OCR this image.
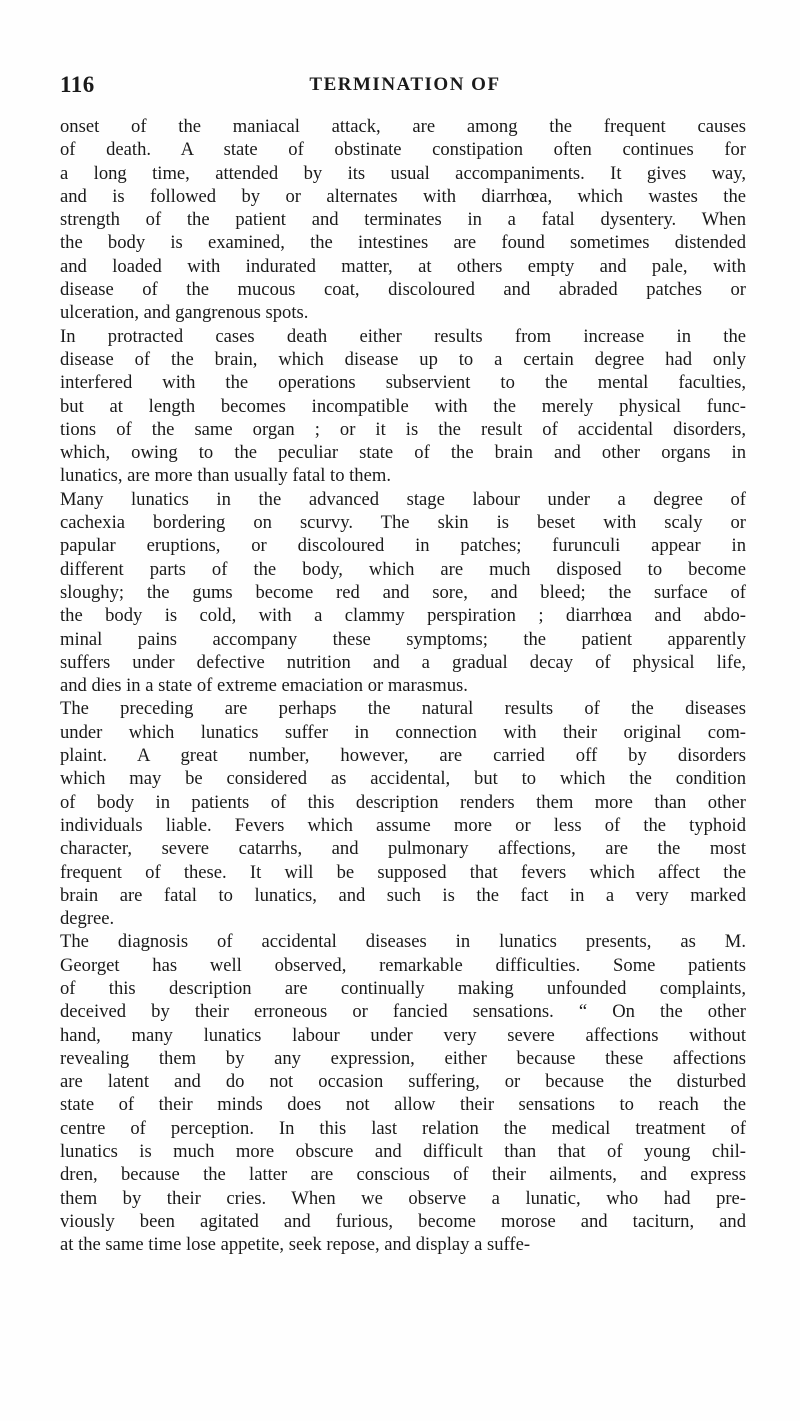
116	TERMINATION OF
onset of the maniacal attack, are among the frequent causes
of death. A state of obstinate constipation often continues for
a long time, attended by its usual accompaniments. It gives way,
and is followed by or alternates with diarrhœa, which wastes the
strength of the patient and terminates in a fatal dysentery. When
the body is examined, the intestines are found sometimes distended
and loaded with indurated matter, at others empty and pale, with
disease of the mucous coat, discoloured and abraded patches or
ulceration, and gangrenous spots.
In protracted cases death either results from increase in the
disease of the brain, which disease up to a certain degree had only
interfered with the operations subservient to the mental faculties,
but at length becomes incompatible with the merely physical func-
tions of the same organ ; or it is the result of accidental disorders,
which, owing to the peculiar state of the brain and other organs in
lunatics, are more than usually fatal to them.
Many lunatics in the advanced stage labour under a degree of
cachexia bordering on scurvy. The skin is beset with scaly or
papular eruptions, or discoloured in patches; furunculi appear in
different parts of the body, which are much disposed to become
sloughy; the gums become red and sore, and bleed; the surface of
the body is cold, with a clammy perspiration ; diarrhœa and abdo-
minal pains accompany these symptoms; the patient apparently
suffers under defective nutrition and a gradual decay of physical life,
and dies in a state of extreme emaciation or marasmus.
The preceding are perhaps the natural results of the diseases
under which lunatics suffer in connection with their original com-
plaint. A great number, however, are carried off by disorders
which may be considered as accidental, but to which the condition
of body in patients of this description renders them more than other
individuals liable. Fevers which assume more or less of the typhoid
character, severe catarrhs, and pulmonary affections, are the most
frequent of these. It will be supposed that fevers which affect the
brain are fatal to lunatics, and such is the fact in a very marked
degree.
The diagnosis of accidental diseases in lunatics presents, as M.
Georget has well observed, remarkable difficulties. Some patients
of this description are continually making unfounded complaints,
deceived by their erroneous or fancied sensations. “ On the other
hand, many lunatics labour under very severe affections without
revealing them by any expression, either because these affections
are latent and do not occasion suffering, or because the disturbed
state of their minds does not allow their sensations to reach the
centre of perception. In this last relation the medical treatment of
lunatics is much more obscure and difficult than that of young chil-
dren, because the latter are conscious of their ailments, and express
them by their cries. When we observe a lunatic, who had pre-
viously been agitated and furious, become morose and taciturn, and
at the same time lose appetite, seek repose, and display a suffe-
